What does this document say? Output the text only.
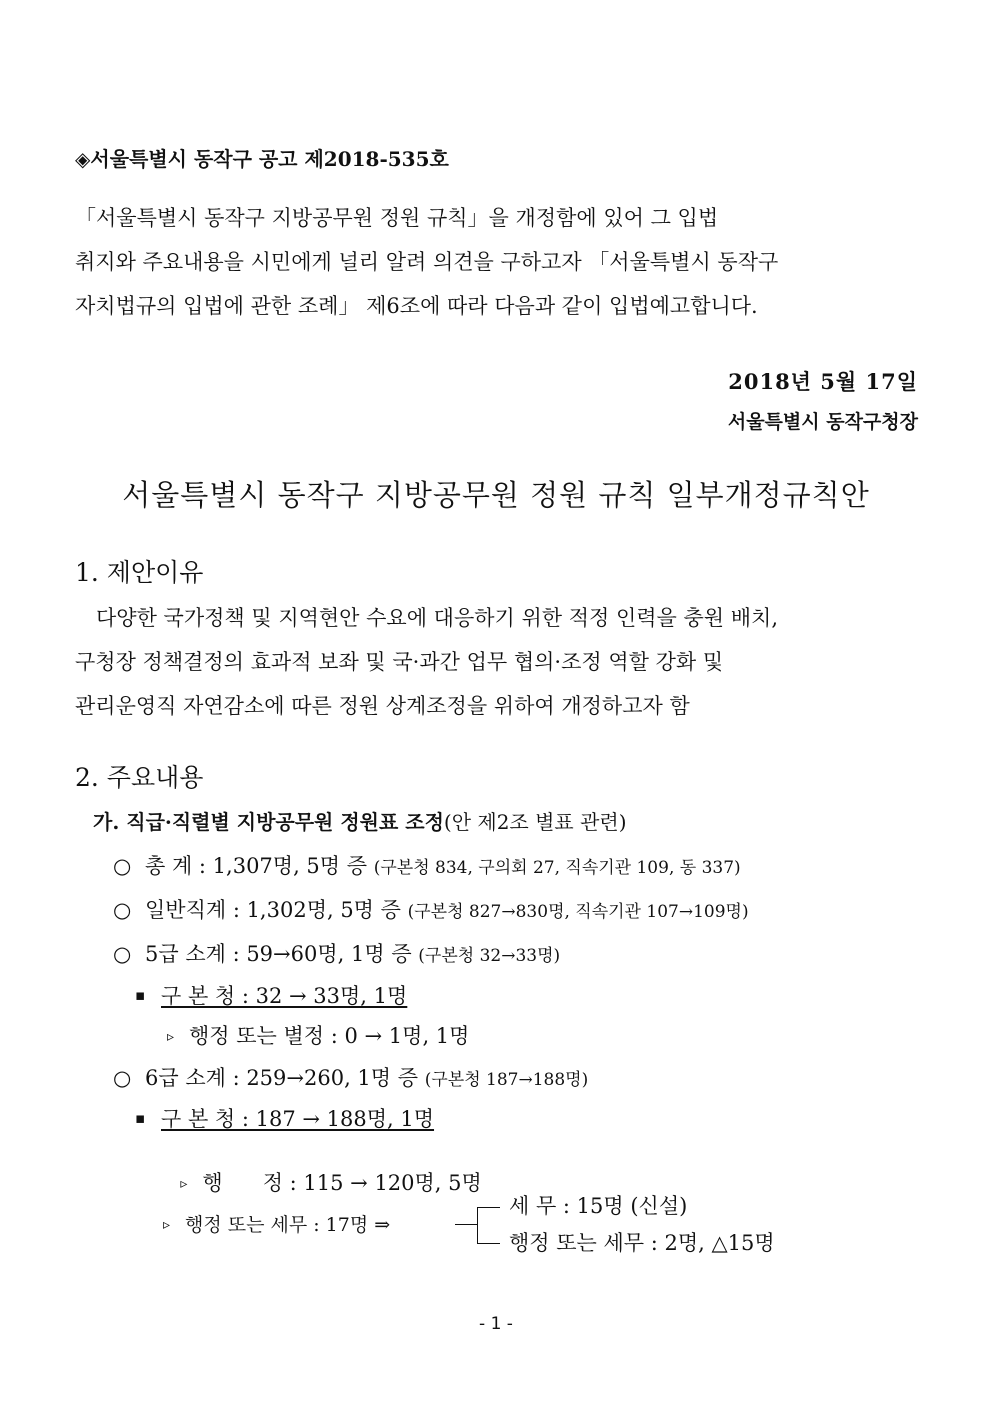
◈서울특별시 동작구 공고 제2018-535호

「서울특별시 동작구 지방공무원 정원 규칙」을 개정함에 있어 그 입법

취지와 주요내용을 시민에게 널리 알려 의견을 구하고자 「서울특별시 동작구

자치법규의 입법에 관한 조례」 제6조에 따라 다음과 같이 입법예고합니다.

2018년 5월 17일
서울특별시 동작구청장
서울특별시 동작구 지방공무원 정원 규칙 일부개정규칙안
1. 제안이유

다양한 국가정책 및 지역현안 수요에 대응하기 위한 적정 인력을 충원 배치,

구청장 정책결정의 효과적 보좌 및 국·과간 업무 협의·조정 역할 강화 및

관리운영직 자연감소에 따른 정원 상계조정을 위하여 개정하고자 함

2. 주요내용
가. 직급·직렬별 지방공무원 정원표 조정(안 제2조 별표 관련)
○ 총 계 : 1,307명, 5명 증 (구본청 834, 구의회 27, 직속기관 109, 동 337)
○ 일반직계 : 1,302명, 5명 증 (구본청 827→830명, 직속기관 107→109명)
○ 5급 소계 : 59→60명, 1명 증 (구본청 32→33명)
▪ 구 본 청 : 32 → 33명, 1명
▹ 행정 또는 별정 : 0 → 1명, 1명
○ 6급 소계 : 259→260, 1명 증 (구본청 187→188명)
▪ 구 본 청 : 187 → 188명, 1명

▹ 행      정 : 115 → 120명, 5명

▹ 행정 또는 세무 : 17명 ⇒
세 무 : 15명 (신설)
행정 또는 세무 : 2명, △15명
- 1 -
